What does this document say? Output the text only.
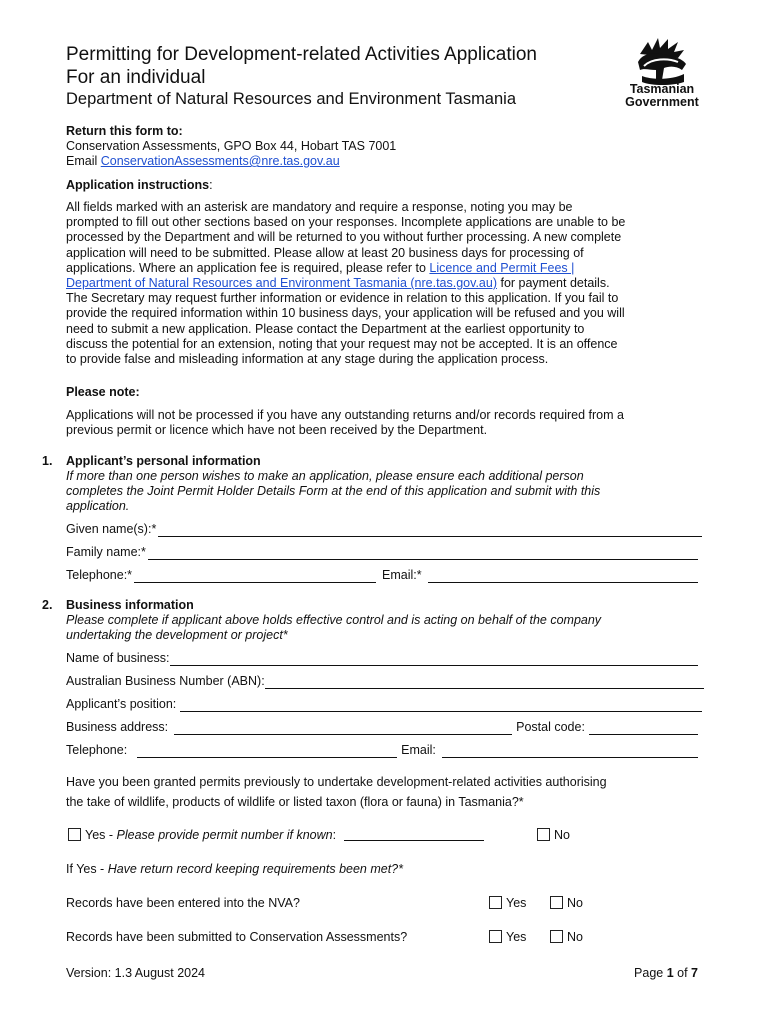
Permitting for Development-related Activities Application
For an individual
Department of Natural Resources and Environment Tasmania
Tasmanian
Government
Return this form to:
Conservation Assessments, GPO Box 44, Hobart TAS 7001
Email ConservationAssessments@nre.tas.gov.au
Application instructions:
All fields marked with an asterisk are mandatory and require a response, noting you may be
prompted to fill out other sections based on your responses. Incomplete applications are unable to be
processed by the Department and will be returned to you without further processing. A new complete
application will need to be submitted. Please allow at least 20 business days for processing of
applications. Where an application fee is required, please refer to Licence and Permit Fees |
Department of Natural Resources and Environment Tasmania (nre.tas.gov.au) for payment details.
The Secretary may request further information or evidence in relation to this application. If you fail to
provide the required information within 10 business days, your application will be refused and you will
need to submit a new application. Please contact the Department at the earliest opportunity to
discuss the potential for an extension, noting that your request may not be accepted. It is an offence
to provide false and misleading information at any stage during the application process.
Please note:
Applications will not be processed if you have any outstanding returns and/or records required from a
previous permit or licence which have not been received by the Department.
1. Applicant’s personal information
If more than one person wishes to make an application, please ensure each additional person
completes the Joint Permit Holder Details Form at the end of this application and submit with this
application.
Given name(s):*
Family name:*
Telephone:*	Email:*
2. Business information
Please complete if applicant above holds effective control and is acting on behalf of the company
undertaking the development or project*
Name of business:
Australian Business Number (ABN):
Applicant’s position:
Business address:	Postal code:
Telephone:	Email:
Have you been granted permits previously to undertake development-related activities authorising
the take of wildlife, products of wildlife or listed taxon (flora or fauna) in Tasmania?*
Yes - Please provide permit number if known:	No
If Yes - Have return record keeping requirements been met?*
Records have been entered into the NVA?	Yes	No
Records have been submitted to Conservation Assessments?	Yes	No
Version: 1.3 August 2024	Page 1 of 7
